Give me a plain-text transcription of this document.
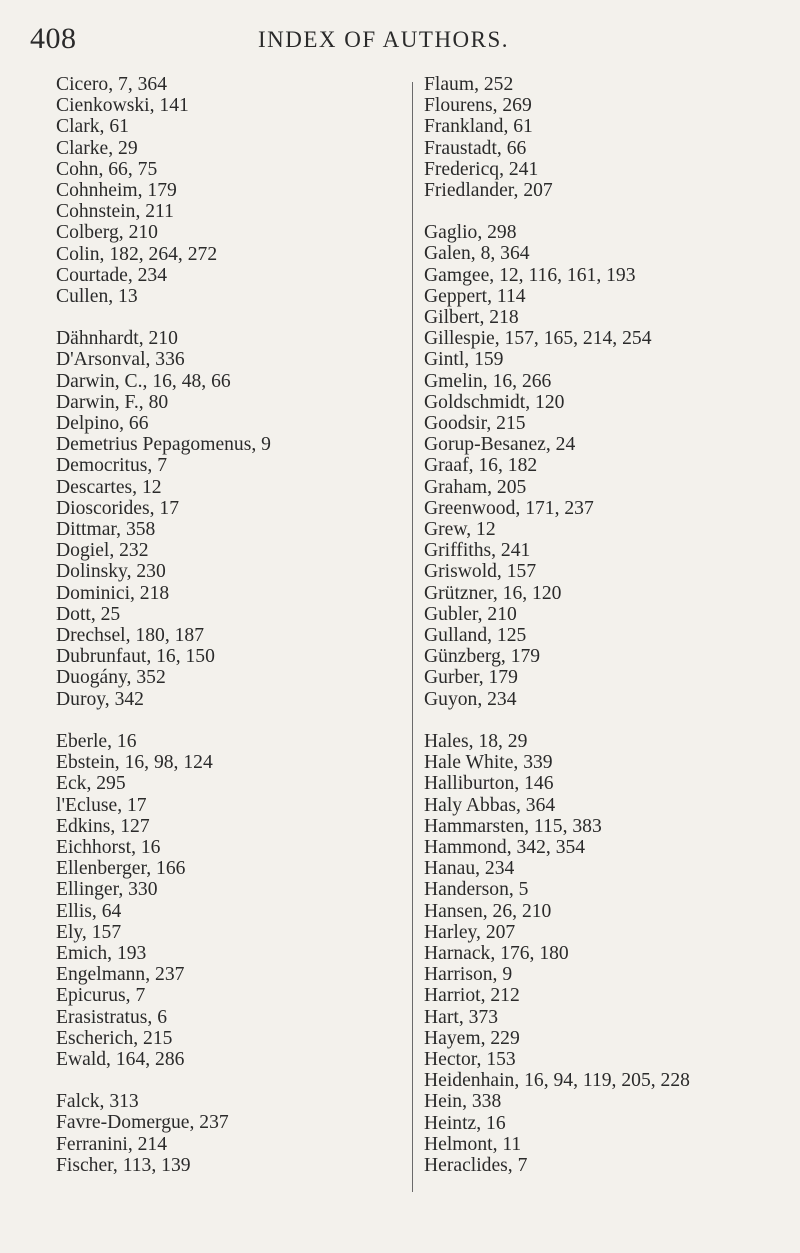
408	INDEX OF AUTHORS.
Cicero, 7, 364
Cienkowski, 141
Clark, 61
Clarke, 29
Cohn, 66, 75
Cohnheim, 179
Cohnstein, 211
Colberg, 210
Colin, 182, 264, 272
Courtade, 234
Cullen, 13
Dähnhardt, 210
D'Arsonval, 336
Darwin, C., 16, 48, 66
Darwin, F., 80
Delpino, 66
Demetrius Pepagomenus, 9
Democritus, 7
Descartes, 12
Dioscorides, 17
Dittmar, 358
Dogiel, 232
Dolinsky, 230
Dominici, 218
Dott, 25
Drechsel, 180, 187
Dubrunfaut, 16, 150
Duogány, 352
Duroy, 342
Eberle, 16
Ebstein, 16, 98, 124
Eck, 295
l'Ecluse, 17
Edkins, 127
Eichhorst, 16
Ellenberger, 166
Ellinger, 330
Ellis, 64
Ely, 157
Emich, 193
Engelmann, 237
Epicurus, 7
Erasistratus, 6
Escherich, 215
Ewald, 164, 286
Falck, 313
Favre-Domergue, 237
Ferranini, 214
Fischer, 113, 139
Flaum, 252
Flourens, 269
Frankland, 61
Fraustadt, 66
Fredericq, 241
Friedlander, 207
Gaglio, 298
Galen, 8, 364
Gamgee, 12, 116, 161, 193
Geppert, 114
Gilbert, 218
Gillespie, 157, 165, 214, 254
Gintl, 159
Gmelin, 16, 266
Goldschmidt, 120
Goodsir, 215
Gorup-Besanez, 24
Graaf, 16, 182
Graham, 205
Greenwood, 171, 237
Grew, 12
Griffiths, 241
Griswold, 157
Grützner, 16, 120
Gubler, 210
Gulland, 125
Günzberg, 179
Gurber, 179
Guyon, 234
Hales, 18, 29
Hale White, 339
Halliburton, 146
Haly Abbas, 364
Hammarsten, 115, 383
Hammond, 342, 354
Hanau, 234
Handerson, 5
Hansen, 26, 210
Harley, 207
Harnack, 176, 180
Harrison, 9
Harriot, 212
Hart, 373
Hayem, 229
Hector, 153
Heidenhain, 16, 94, 119, 205, 228
Hein, 338
Heintz, 16
Helmont, 11
Heraclides, 7
